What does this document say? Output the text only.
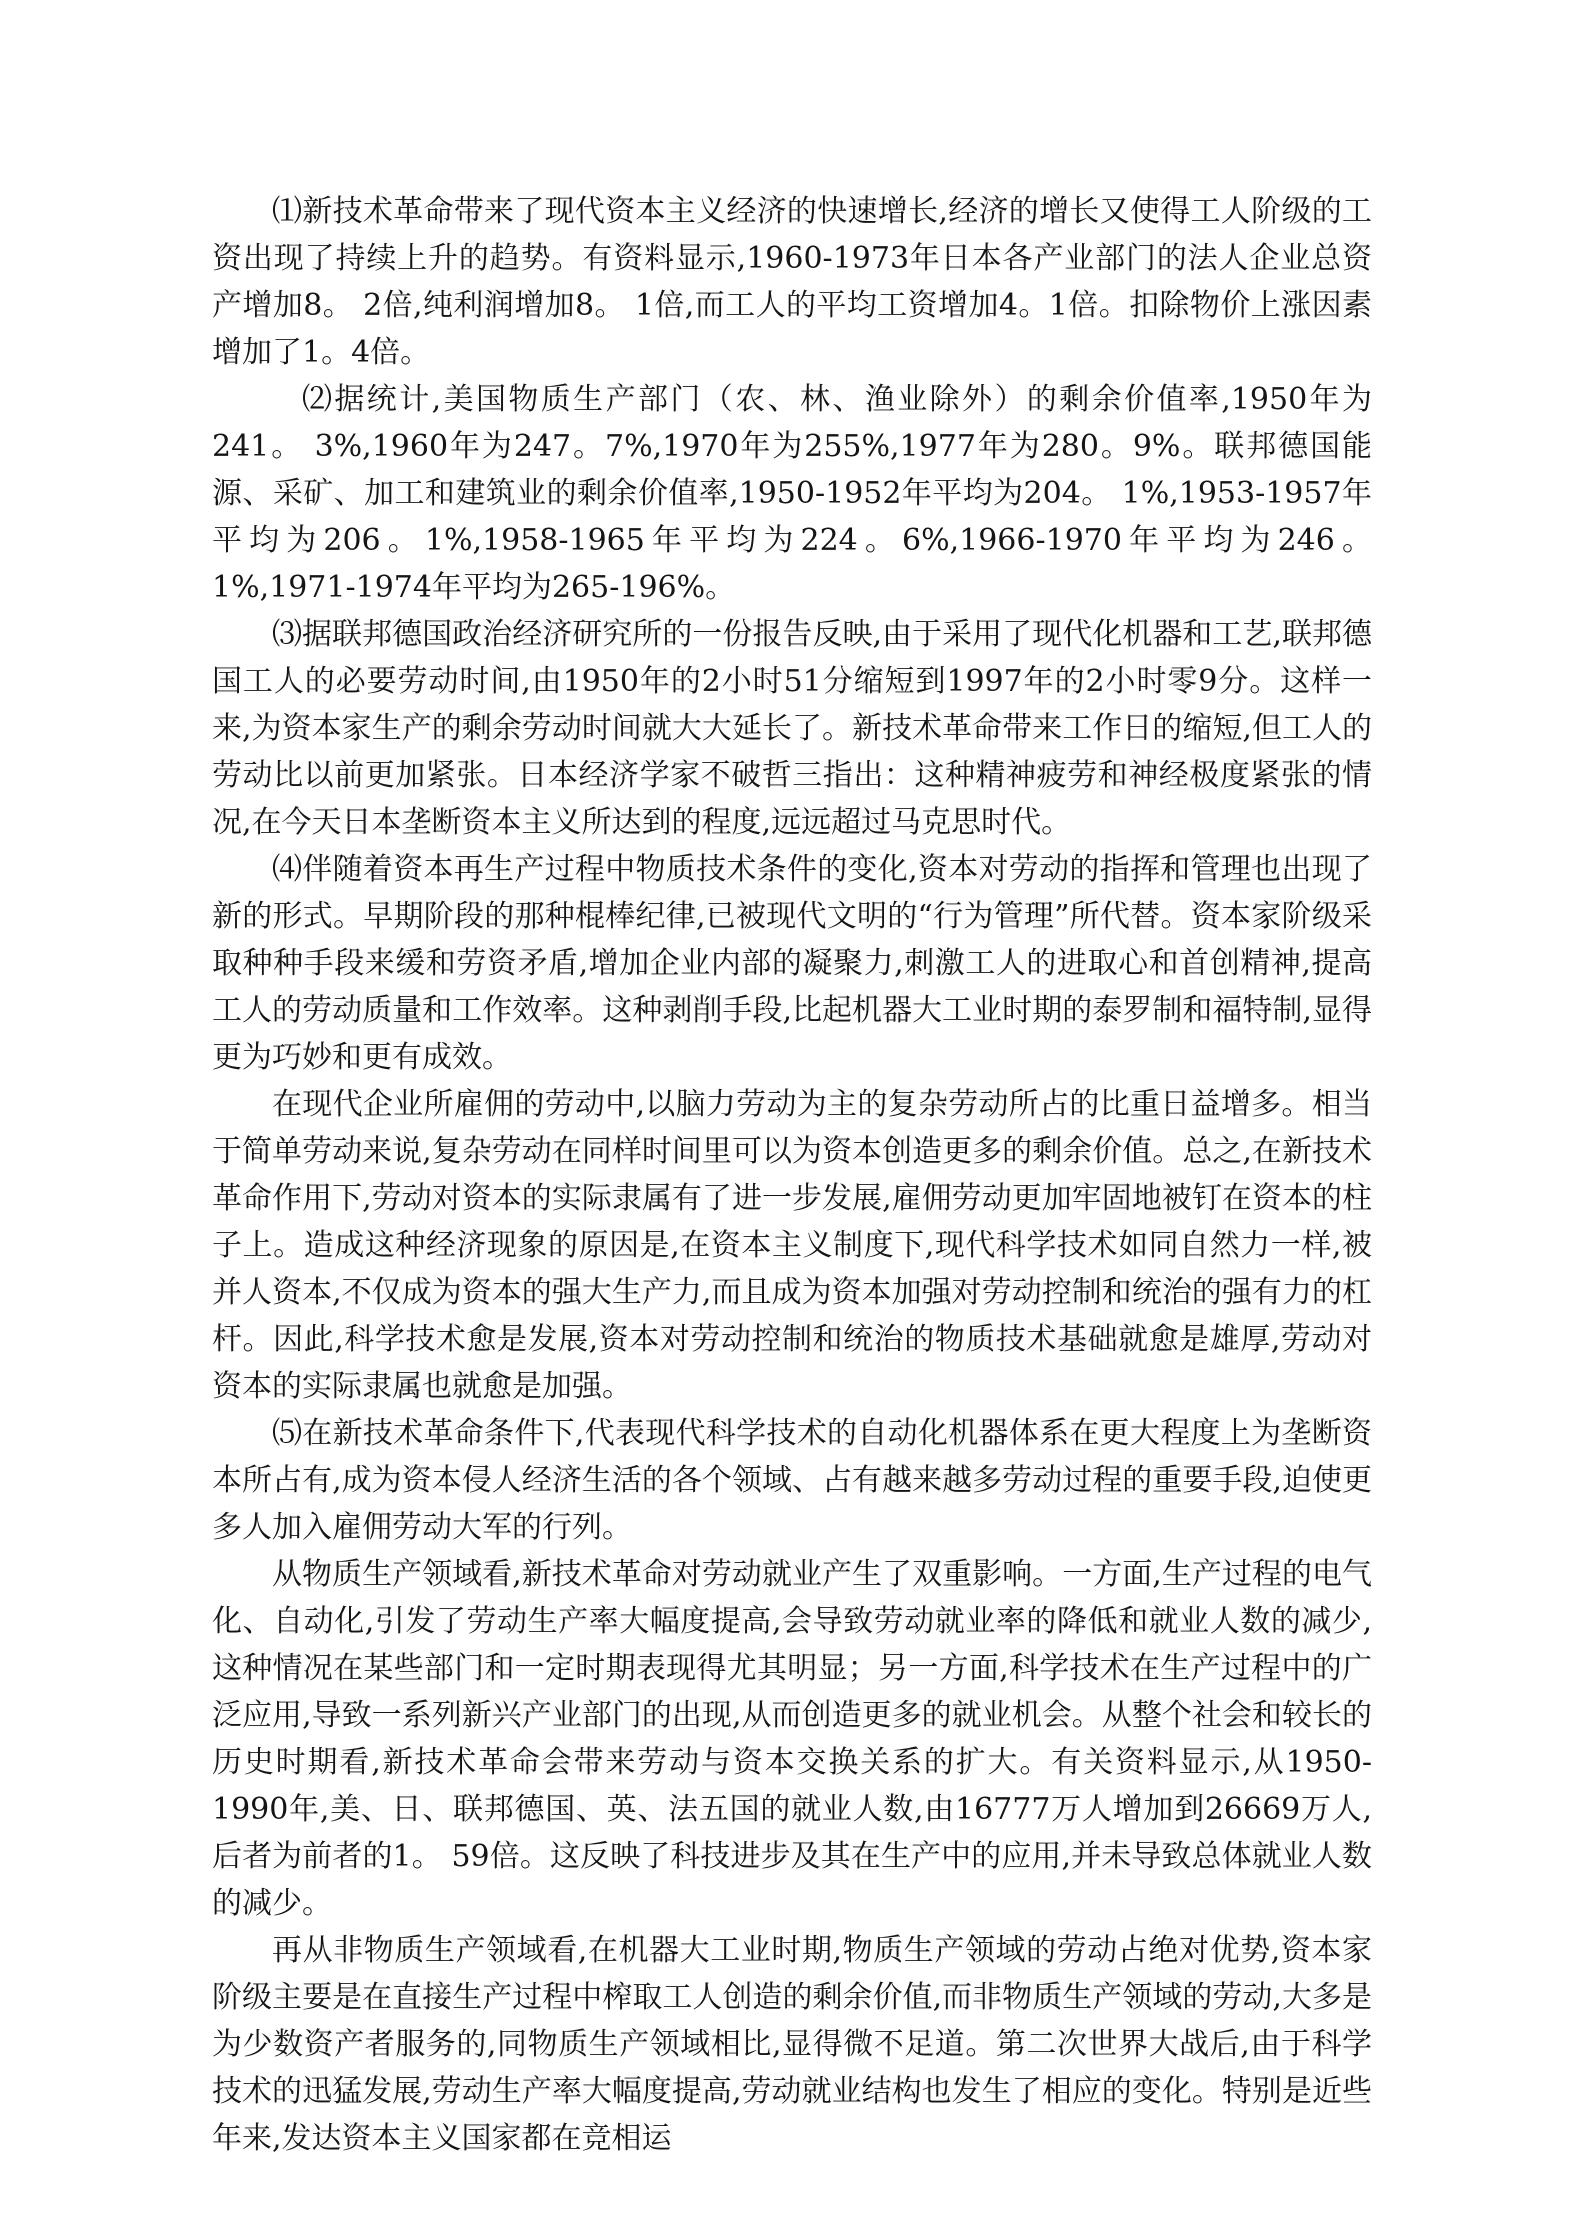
⑴新技术革命带来了现代资本主义经济的快速增长,经济的增长又使得工人阶级的工资出现了持续上升的趋势。有资料显示,1960-1973年日本各产业部门的法人企业总资产增加8。 2倍,纯利润增加8。 1倍,而工人的平均工资增加4。1倍。扣除物价上涨因素增加了1。4倍。

⑵据统计,美国物质生产部门（农、林、渔业除外）的剩余价值率,1950年为241。 3%,1960年为247。7%,1970年为255%,1977年为280。9%。联邦德国能源、采矿、加工和建筑业的剩余价值率,1950-1952年平均为204。 1%,1953-1957年平均为206。1%,1958-1965年平均为224。6%,1966-1970年平均为246。1%,1971-1974年平均为265-196%。

⑶据联邦德国政治经济研究所的一份报告反映,由于采用了现代化机器和工艺,联邦德国工人的必要劳动时间,由1950年的2小时51分缩短到1997年的2小时零9分。这样一来,为资本家生产的剩余劳动时间就大大延长了。新技术革命带来工作日的缩短,但工人的劳动比以前更加紧张。日本经济学家不破哲三指出：这种精神疲劳和神经极度紧张的情况,在今天日本垄断资本主义所达到的程度,远远超过马克思时代。

⑷伴随着资本再生产过程中物质技术条件的变化,资本对劳动的指挥和管理也出现了新的形式。早期阶段的那种棍棒纪律,已被现代文明的“行为管理”所代替。资本家阶级采取种种手段来缓和劳资矛盾,增加企业内部的凝聚力,刺激工人的进取心和首创精神,提高工人的劳动质量和工作效率。这种剥削手段,比起机器大工业时期的泰罗制和福特制,显得更为巧妙和更有成效。

在现代企业所雇佣的劳动中,以脑力劳动为主的复杂劳动所占的比重日益增多。相当于简单劳动来说,复杂劳动在同样时间里可以为资本创造更多的剩余价值。总之,在新技术革命作用下,劳动对资本的实际隶属有了进一步发展,雇佣劳动更加牢固地被钉在资本的柱子上。造成这种经济现象的原因是,在资本主义制度下,现代科学技术如同自然力一样,被并人资本,不仅成为资本的强大生产力,而且成为资本加强对劳动控制和统治的强有力的杠杆。因此,科学技术愈是发展,资本对劳动控制和统治的物质技术基础就愈是雄厚,劳动对资本的实际隶属也就愈是加强。

⑸在新技术革命条件下,代表现代科学技术的自动化机器体系在更大程度上为垄断资本所占有,成为资本侵人经济生活的各个领域、占有越来越多劳动过程的重要手段,迫使更多人加入雇佣劳动大军的行列。

从物质生产领域看,新技术革命对劳动就业产生了双重影响。一方面,生产过程的电气化、自动化,引发了劳动生产率大幅度提高,会导致劳动就业率的降低和就业人数的减少,这种情况在某些部门和一定时期表现得尤其明显；另一方面,科学技术在生产过程中的广泛应用,导致一系列新兴产业部门的出现,从而创造更多的就业机会。从整个社会和较长的历史时期看,新技术革命会带来劳动与资本交换关系的扩大。有关资料显示,从1950-1990年,美、日、联邦德国、英、法五国的就业人数,由16777万人增加到26669万人,后者为前者的1。 59倍。这反映了科技进步及其在生产中的应用,并未导致总体就业人数的减少。

再从非物质生产领域看,在机器大工业时期,物质生产领域的劳动占绝对优势,资本家阶级主要是在直接生产过程中榨取工人创造的剩余价值,而非物质生产领域的劳动,大多是为少数资产者服务的,同物质生产领域相比,显得微不足道。第二次世界大战后,由于科学技术的迅猛发展,劳动生产率大幅度提高,劳动就业结构也发生了相应的变化。特别是近些年来,发达资本主义国家都在竞相运
